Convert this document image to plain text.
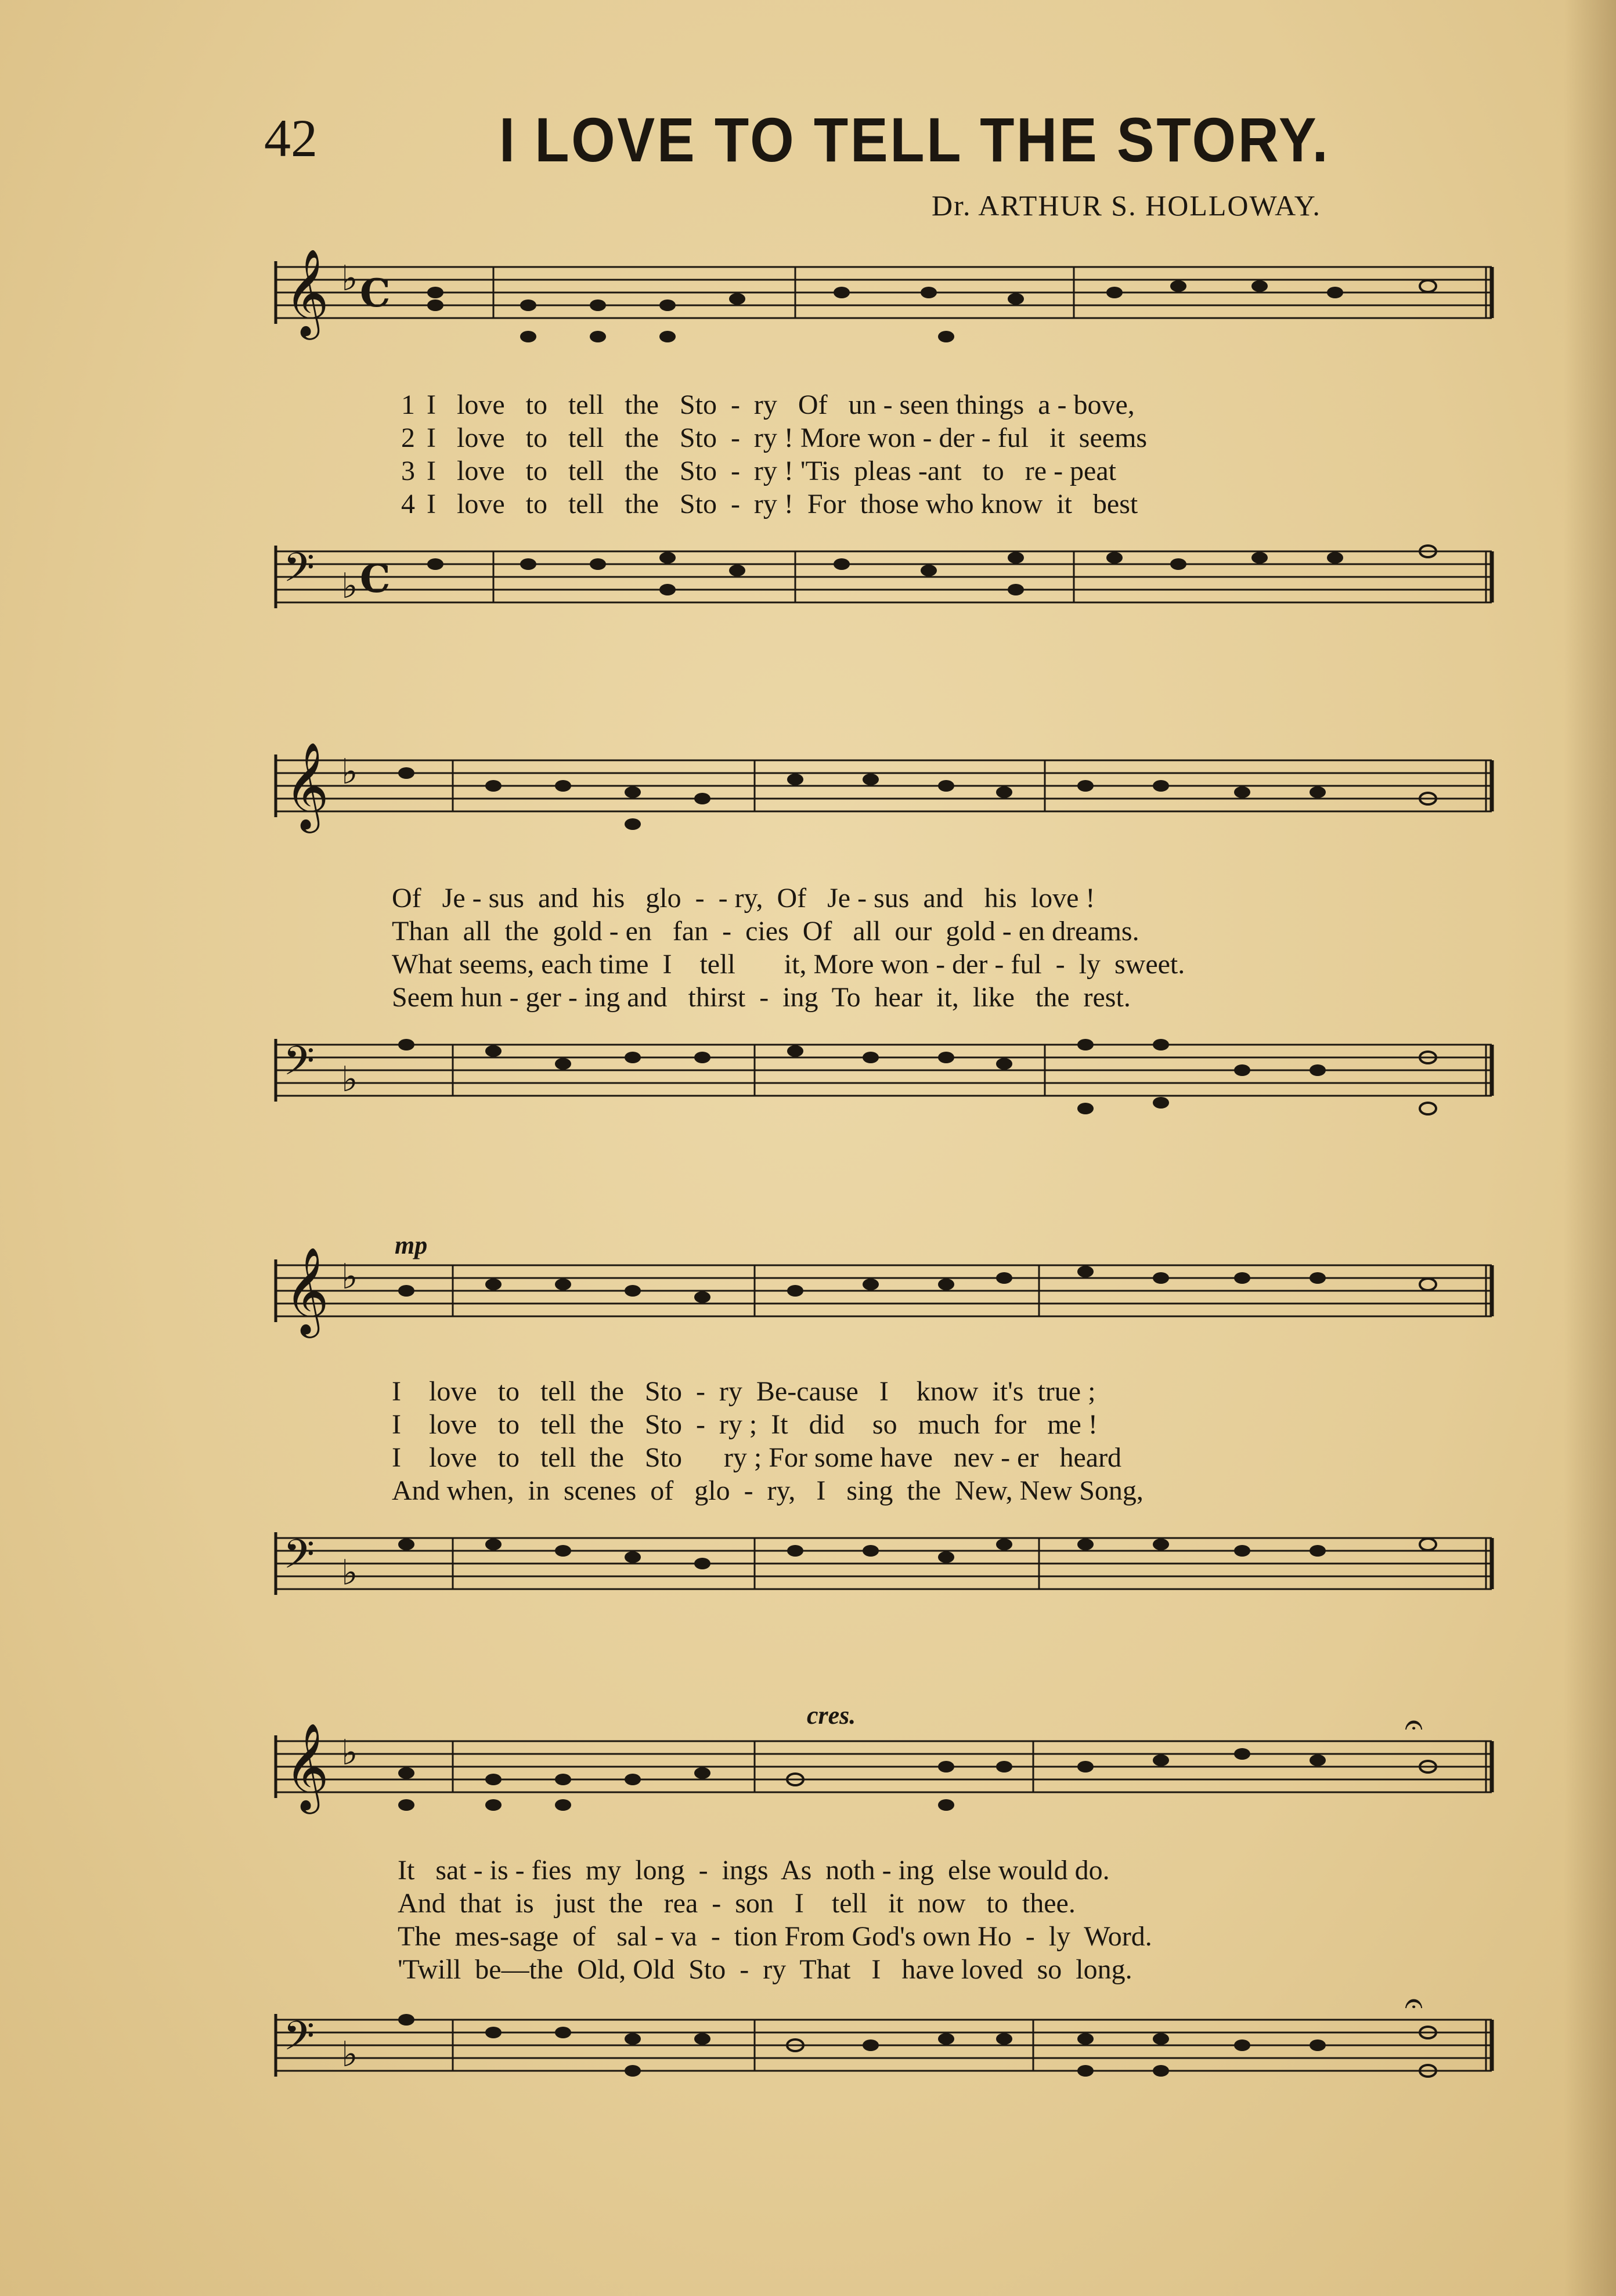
42	I LOVE TO TELL THE STORY.
Dr. ARTHUR S. HOLLOWAY.
𝄞 ♭ C
1 I   love   to   tell   the   Sto  -  ry   Of   un - seen things  a - bove,
2 I   love   to   tell   the   Sto  -  ry ! More won - der - ful   it  seems
3 I   love   to   tell   the   Sto  -  ry ! 'Tis  pleas -ant   to   re - peat
4 I   love   to   tell   the   Sto  -  ry !  For  those who know  it   best
𝄢 ♭ C
𝄞 ♭
Of   Je - sus  and  his   glo  -  - ry,  Of   Je - sus  and   his  love !
Than  all  the  gold - en   fan  -  cies  Of   all  our  gold - en dreams.
What seems, each time  I    tell       it, More won - der - ful  -  ly  sweet.
Seem hun - ger - ing and   thirst  -  ing  To  hear  it,  like   the  rest.
𝄢 ♭
mp
𝄞 ♭
I    love   to   tell  the   Sto  -  ry  Be-cause   I    know  it's  true ;
I    love   to   tell  the   Sto  -  ry ;  It   did    so   much  for   me !
I    love   to   tell  the   Sto      ry ; For some have   nev - er   heard
And when,  in  scenes  of   glo  -  ry,   I   sing  the  New, New Song,
𝄢 ♭
cres.
𝄞 ♭
𝄐
It   sat - is - fies  my  long  -  ings  As  noth - ing  else would do.
And  that  is   just  the   rea  -  son   I    tell   it  now   to  thee.
The  mes-sage  of   sal - va  -  tion From God's own Ho  -  ly  Word.
'Twill  be—the  Old, Old  Sto  -  ry  That   I   have loved  so  long.
𝄢 ♭
𝄐
